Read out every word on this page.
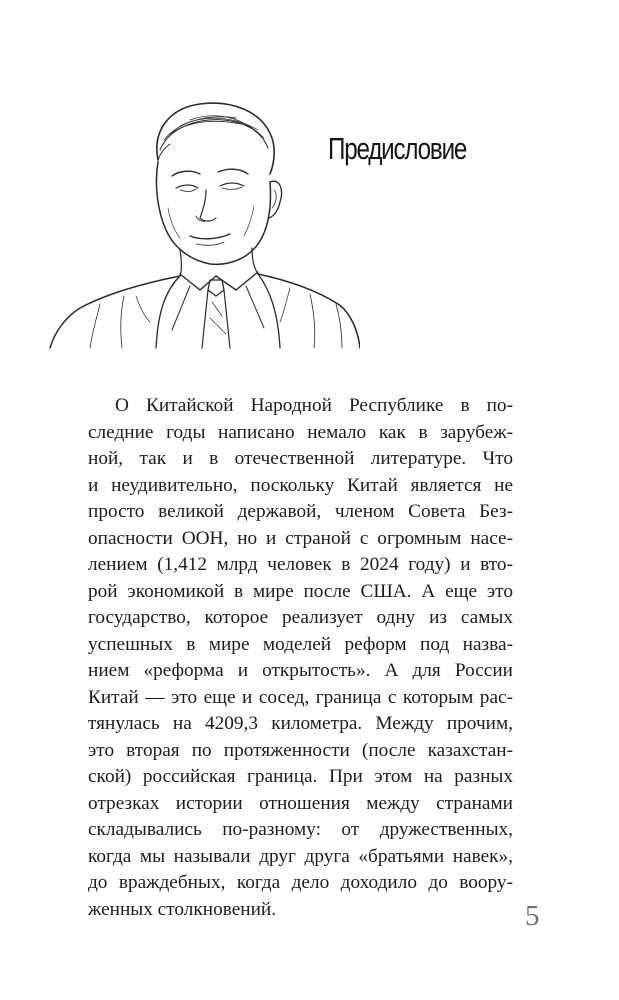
Предисловие
О Китайской Народной Республике в по-
следние годы написано немало как в зарубеж-
ной, так и в отечественной литературе. Что
и неудивительно, поскольку Китай является не
просто великой державой, членом Совета Без-
опасности ООН, но и страной с огромным насе-
лением (1,412 млрд человек в 2024 году) и вто-
рой экономикой в мире после США. А еще это
государство, которое реализует одну из самых
успешных в мире моделей реформ под назва-
нием «реформа и открытость». А для России
Китай — это еще и сосед, граница с которым рас-
тянулась на 4209,3 километра. Между прочим,
это вторая по протяженности (после казахстан-
ской) российская граница. При этом на разных
отрезках истории отношения между странами
складывались по-разному: от дружественных,
когда мы называли друг друга «братьями навек»,
до враждебных, когда дело доходило до воору-
женных столкновений.	5
